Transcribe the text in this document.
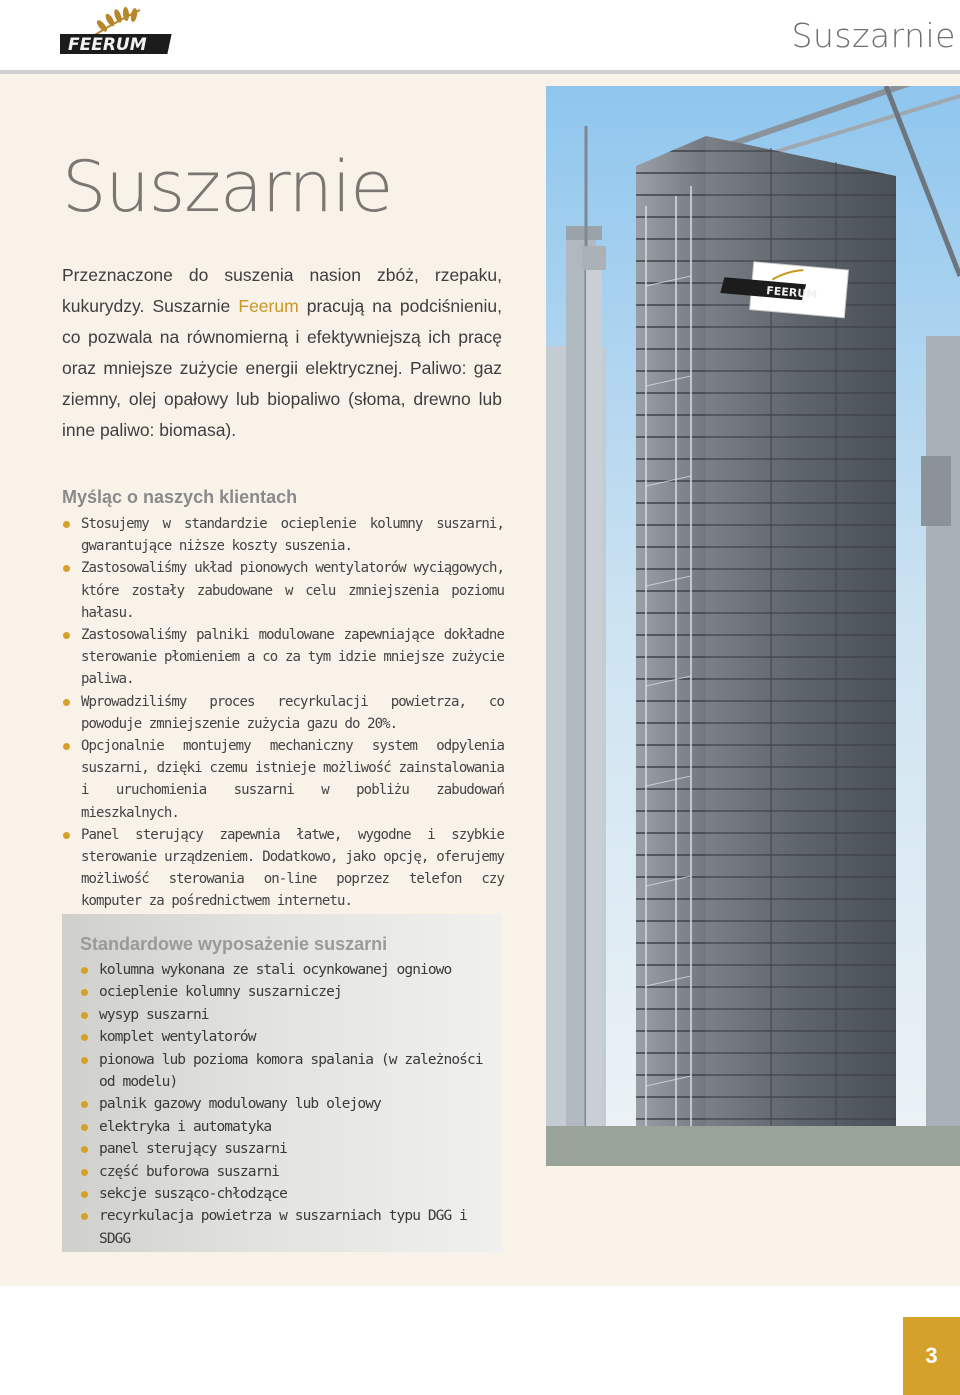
FEERUM	Suszarnie
FEERUM
Suszarnie

Przeznaczone do suszenia nasion zbóż, rzepaku, kukurydzy. Suszarnie Feerum pracują na podciśnieniu, co pozwala na równomierną i efektywniejszą ich pracę oraz mniejsze zużycie energii elektrycznej. Paliwo: gaz ziemny, olej opałowy lub biopaliwo (słoma, drewno lub inne paliwo: biomasa).

Myśląc o naszych klientach
Stosujemy w standardzie ocieplenie kolumny suszarni, gwarantujące niższe koszty suszenia.
Zastosowaliśmy układ pionowych wentylatorów wyciągowych, które zostały zabudowane w celu zmniejszenia poziomu hałasu.
Zastosowaliśmy palniki modulowane zapewniające dokładne sterowanie płomieniem a co za tym idzie mniejsze zużycie paliwa.
Wprowadziliśmy proces recyrkulacji powietrza, co powoduje zmniejszenie zużycia gazu do 20%.
Opcjonalnie montujemy mechaniczny system odpylenia suszarni, dzięki czemu istnieje możliwość zainstalowania i uruchomienia suszarni w pobliżu zabudowań mieszkalnych.
Panel sterujący zapewnia łatwe, wygodne i szybkie sterowanie urządzeniem. Dodatkowo, jako opcję, oferujemy możliwość sterowania on-line poprzez telefon czy komputer za pośrednictwem internetu.
Standardowe wyposażenie suszarni
kolumna wykonana ze stali ocynkowanej ogniowo
ocieplenie kolumny suszarniczej
wysyp suszarni
komplet wentylatorów
pionowa lub pozioma komora spalania (w zależności od modelu)
palnik gazowy modulowany lub olejowy
elektryka i automatyka
panel sterujący suszarni
część buforowa suszarni
sekcje susząco-chłodzące
recyrkulacja powietrza w suszarniach typu DGG i SDGG
3
